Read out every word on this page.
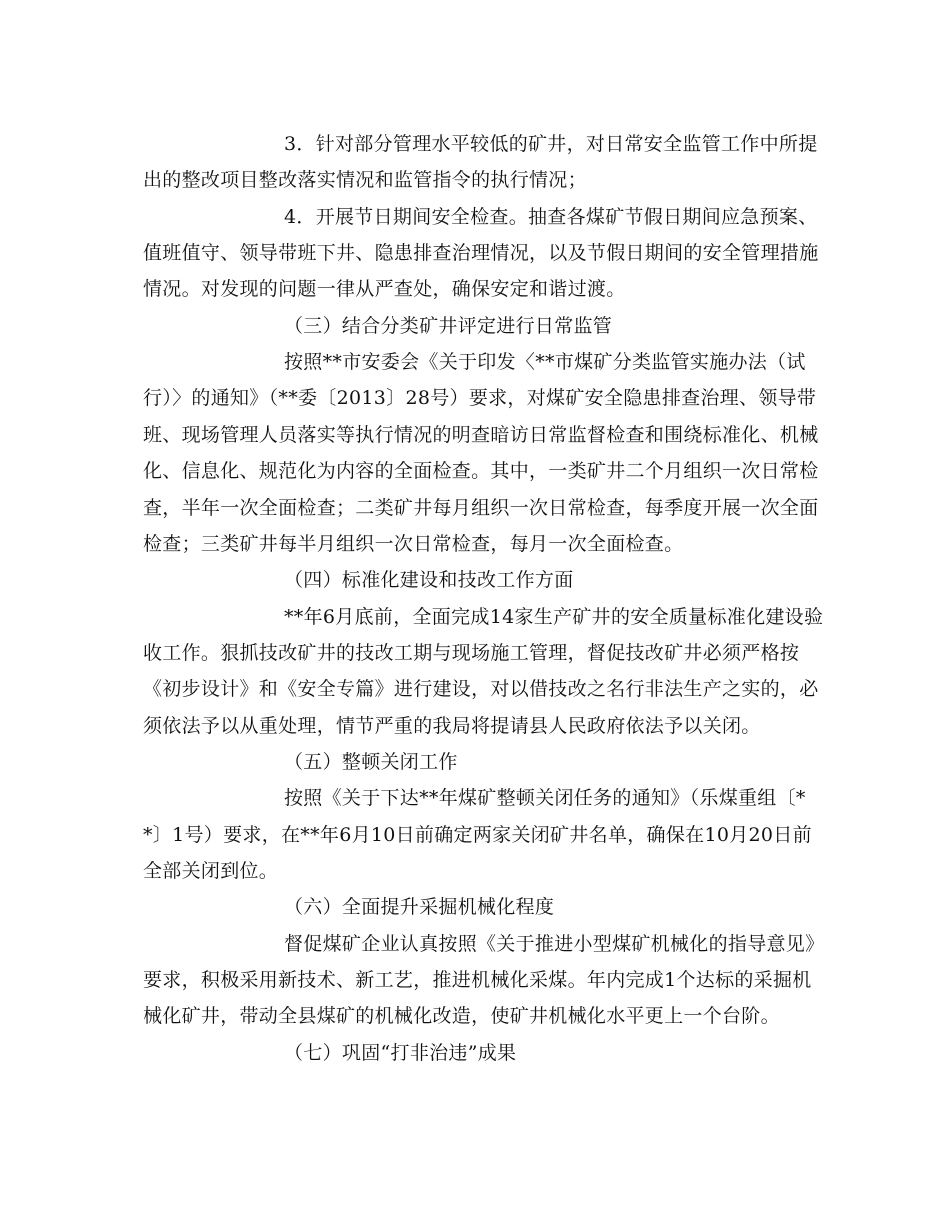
3．针对部分管理水平较低的矿井，对日常安全监管工作中所提
出的整改项目整改落实情况和监管指令的执行情况；
4．开展节日期间安全检查。抽查各煤矿节假日期间应急预案、
值班值守、领导带班下井、隐患排查治理情况，以及节假日期间的安全管理措施
情况。对发现的问题一律从严查处，确保安定和谐过渡。
（三）结合分类矿井评定进行日常监管
按照**市安委会《关于印发〈**市煤矿分类监管实施办法（试
行）〉的通知》（**委〔2013〕28号）要求，对煤矿安全隐患排查治理、领导带
班、现场管理人员落实等执行情况的明查暗访日常监督检查和围绕标准化、机械
化、信息化、规范化为内容的全面检查。其中，一类矿井二个月组织一次日常检
查，半年一次全面检查；二类矿井每月组织一次日常检查，每季度开展一次全面
检查；三类矿井每半月组织一次日常检查，每月一次全面检查。
（四）标准化建设和技改工作方面
**年6月底前，全面完成14家生产矿井的安全质量标准化建设验
收工作。狠抓技改矿井的技改工期与现场施工管理，督促技改矿井必须严格按
《初步设计》和《安全专篇》进行建设，对以借技改之名行非法生产之实的，必
须依法予以从重处理，情节严重的我局将提请县人民政府依法予以关闭。
（五）整顿关闭工作
按照《关于下达**年煤矿整顿关闭任务的通知》（乐煤重组〔*
*〕1号）要求，在**年6月10日前确定两家关闭矿井名单，确保在10月20日前
全部关闭到位。
（六）全面提升采掘机械化程度
督促煤矿企业认真按照《关于推进小型煤矿机械化的指导意见》
要求，积极采用新技术、新工艺，推进机械化采煤。年内完成1个达标的采掘机
械化矿井，带动全县煤矿的机械化改造，使矿井机械化水平更上一个台阶。
（七）巩固“打非治违”成果
